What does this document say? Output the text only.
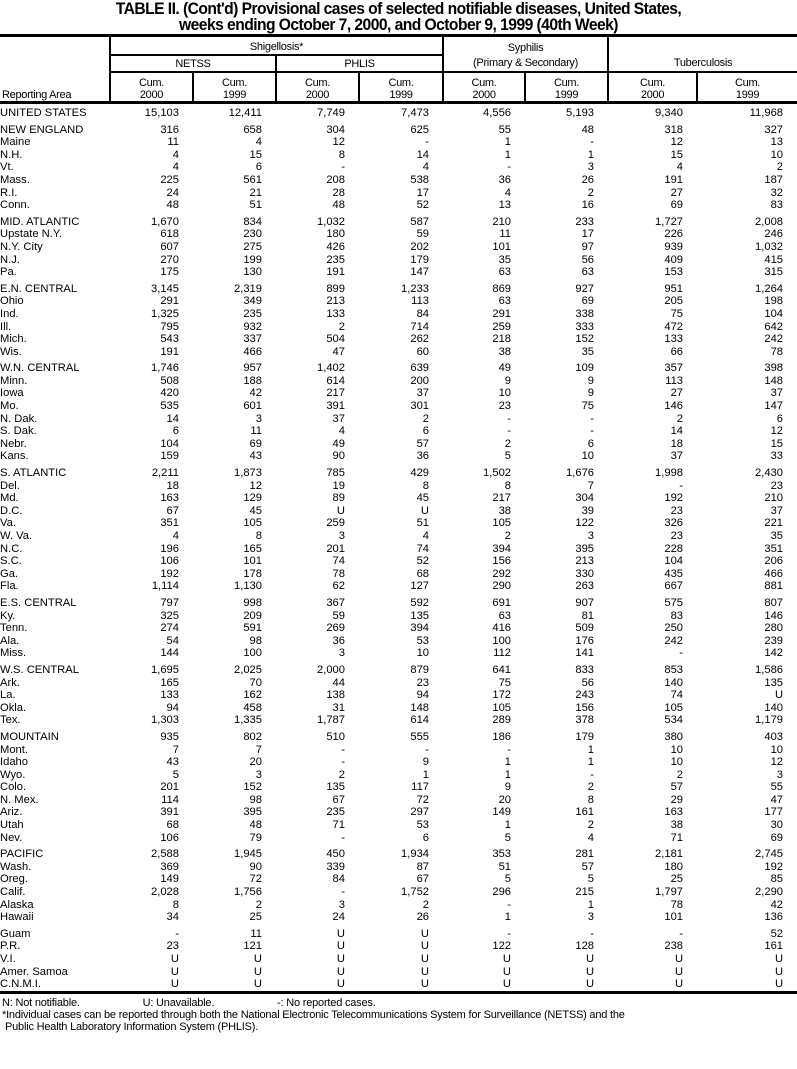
TABLE II. (Cont'd) Provisional cases of selected notifiable diseases, United States,
weeks ending October 7, 2000, and October 9, 1999 (40th Week)
	Shigellosis*				Syphilis			
	NETSS		PHLIS		(Primary & Secondary)		Tuberculosis	
	Cum.	Cum.	Cum.	Cum.	Cum.	Cum.	Cum.	Cum.
Reporting Area	2000	1999	2000	1999	2000	1999	2000	1999
UNITED STATES	15,103	12,411	7,749	7,473	4,556	5,193	9,340	11,968
NEW ENGLAND	316	658	304	625	55	48	318	327
Maine	11	4	12	-	1	-	12	13
N.H.	4	15	8	14	1	1	15	10
Vt.	4	6	-	4	-	3	4	2
Mass.	225	561	208	538	36	26	191	187
R.I.	24	21	28	17	4	2	27	32
Conn.	48	51	48	52	13	16	69	83
MID. ATLANTIC	1,670	834	1,032	587	210	233	1,727	2,008
Upstate N.Y.	618	230	180	59	11	17	226	246
N.Y. City	607	275	426	202	101	97	939	1,032
N.J.	270	199	235	179	35	56	409	415
Pa.	175	130	191	147	63	63	153	315
E.N. CENTRAL	3,145	2,319	899	1,233	869	927	951	1,264
Ohio	291	349	213	113	63	69	205	198
Ind.	1,325	235	133	84	291	338	75	104
Ill.	795	932	2	714	259	333	472	642
Mich.	543	337	504	262	218	152	133	242
Wis.	191	466	47	60	38	35	66	78
W.N. CENTRAL	1,746	957	1,402	639	49	109	357	398
Minn.	508	188	614	200	9	9	113	148
Iowa	420	42	217	37	10	9	27	37
Mo.	535	601	391	301	23	75	146	147
N. Dak.	14	3	37	2	-	-	2	6
S. Dak.	6	11	4	6	-	-	14	12
Nebr.	104	69	49	57	2	6	18	15
Kans.	159	43	90	36	5	10	37	33
S. ATLANTIC	2,211	1,873	785	429	1,502	1,676	1,998	2,430
Del.	18	12	19	8	8	7	-	23
Md.	163	129	89	45	217	304	192	210
D.C.	67	45	U	U	38	39	23	37
Va.	351	105	259	51	105	122	326	221
W. Va.	4	8	3	4	2	3	23	35
N.C.	196	165	201	74	394	395	228	351
S.C.	106	101	74	52	156	213	104	206
Ga.	192	178	78	68	292	330	435	466
Fla.	1,114	1,130	62	127	290	263	667	881
E.S. CENTRAL	797	998	367	592	691	907	575	807
Ky.	325	209	59	135	63	81	83	146
Tenn.	274	591	269	394	416	509	250	280
Ala.	54	98	36	53	100	176	242	239
Miss.	144	100	3	10	112	141	-	142
W.S. CENTRAL	1,695	2,025	2,000	879	641	833	853	1,586
Ark.	165	70	44	23	75	56	140	135
La.	133	162	138	94	172	243	74	U
Okla.	94	458	31	148	105	156	105	140
Tex.	1,303	1,335	1,787	614	289	378	534	1,179
MOUNTAIN	935	802	510	555	186	179	380	403
Mont.	7	7	-	-	-	1	10	10
Idaho	43	20	-	9	1	1	10	12
Wyo.	5	3	2	1	1	-	2	3
Colo.	201	152	135	117	9	2	57	55
N. Mex.	114	98	67	72	20	8	29	47
Ariz.	391	395	235	297	149	161	163	177
Utah	68	48	71	53	1	2	38	30
Nev.	106	79	-	6	5	4	71	69
PACIFIC	2,588	1,945	450	1,934	353	281	2,181	2,745
Wash.	369	90	339	87	51	57	180	192
Oreg.	149	72	84	67	5	5	25	85
Calif.	2,028	1,756	-	1,752	296	215	1,797	2,290
Alaska	8	2	3	2	-	1	78	42
Hawaii	34	25	24	26	1	3	101	136
Guam	-	11	U	U	-	-	-	52
P.R.	23	121	U	U	122	128	238	161
V.I.	U	U	U	U	U	U	U	U
Amer. Samoa	U	U	U	U	U	U	U	U
C.N.M.I.	U	U	U	U	U	U	U	U
N: Not notifiable.	U: Unavailable.	-: No reported cases.
*Individual cases can be reported through both the National Electronic Telecommunications System for Surveillance (NETSS) and the
Public Health Laboratory Information System (PHLIS).
